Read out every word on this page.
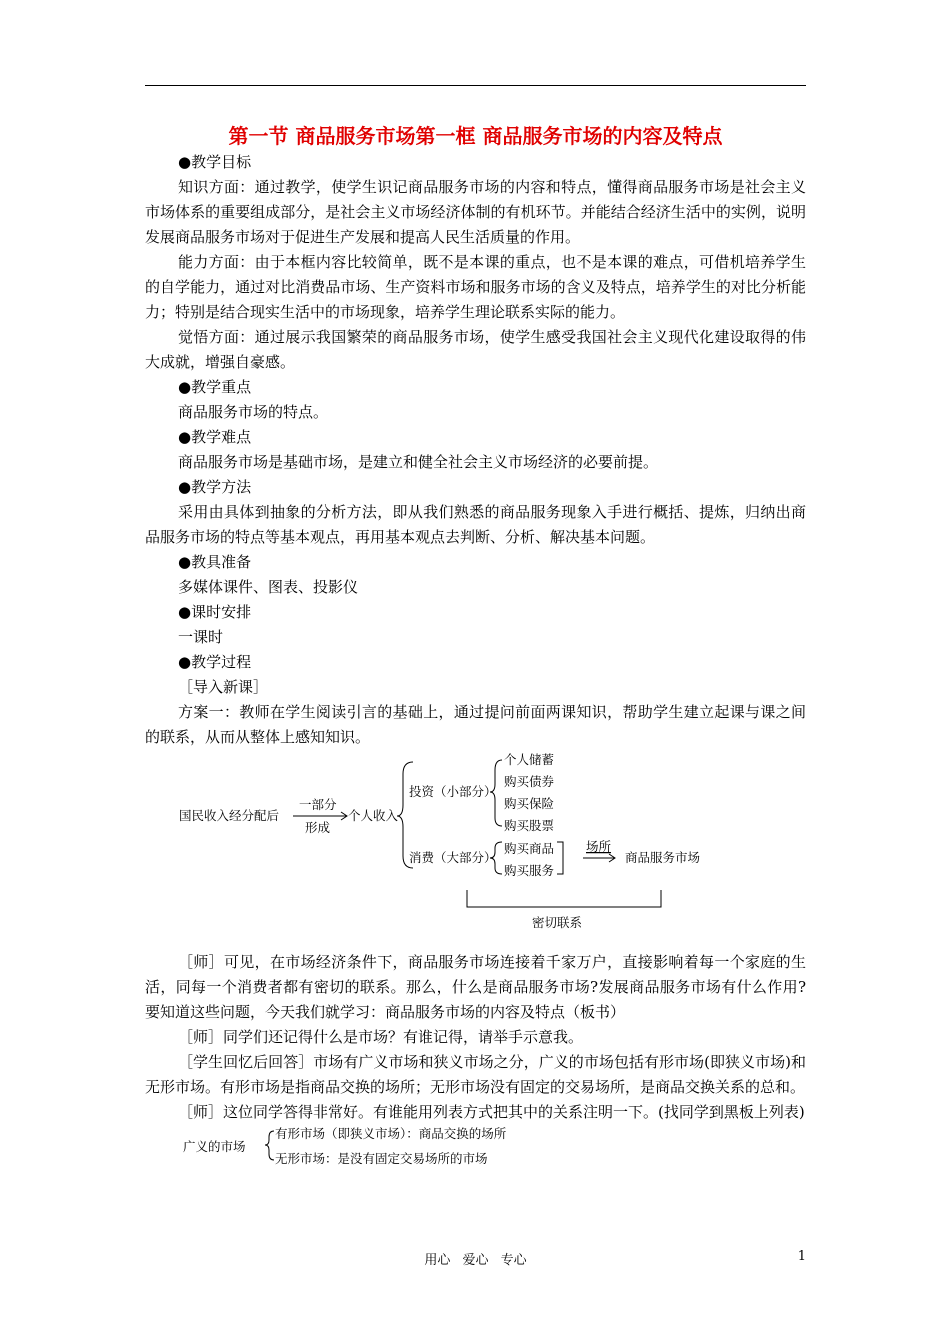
第一节 商品服务市场第一框 商品服务市场的内容及特点

●教学目标

知识方面：通过教学，使学生识记商品服务市场的内容和特点，懂得商品服务市场是社会主义市场体系的重要组成部分，是社会主义市场经济体制的有机环节。并能结合经济生活中的实例，说明发展商品服务市场对于促进生产发展和提高人民生活质量的作用。

能力方面：由于本框内容比较简单，既不是本课的重点，也不是本课的难点，可借机培养学生的自学能力，通过对比消费品市场、生产资料市场和服务市场的含义及特点，培养学生的对比分析能力；特别是结合现实生活中的市场现象，培养学生理论联系实际的能力。

觉悟方面：通过展示我国繁荣的商品服务市场，使学生感受我国社会主义现代化建设取得的伟大成就，增强自豪感。

●教学重点

商品服务市场的特点。

●教学难点

商品服务市场是基础市场，是建立和健全社会主义市场经济的必要前提。

●教学方法

采用由具体到抽象的分析方法，即从我们熟悉的商品服务现象入手进行概括、提炼，归纳出商品服务市场的特点等基本观点，再用基本观点去判断、分析、解决基本问题。

●教具准备

多媒体课件、图表、投影仪

●课时安排

一课时

●教学过程

［导入新课］

方案一：教师在学生阅读引言的基础上，通过提问前面两课知识，帮助学生建立起课与课之间的联系，从而从整体上感知知识。

国民收入经分配后
一部分
形成
个人收入
投资（小部分）
个人储蓄
购买债券
购买保险
购买股票
消费（大部分）
购买商品
购买服务
场所
商品服务市场
密切联系

［师］可见，在市场经济条件下，商品服务市场连接着千家万户，直接影响着每一个家庭的生活，同每一个消费者都有密切的联系。那么，什么是商品服务市场?发展商品服务市场有什么作用?要知道这些问题，今天我们就学习：商品服务市场的内容及特点（板书）

［师］同学们还记得什么是市场？有谁记得，请举手示意我。

［学生回忆后回答］市场有广义市场和狭义市场之分，广义的市场包括有形市场(即狭义市场)和无形市场。有形市场是指商品交换的场所；无形市场没有固定的交易场所，是商品交换关系的总和。

［师］这位同学答得非常好。有谁能用列表方式把其中的关系注明一下。(找同学到黑板上列表)

广义的市场
有形市场（即狭义市场）：商品交换的场所
无形市场：是没有固定交易场所的市场
用心 爱心 专心	1
